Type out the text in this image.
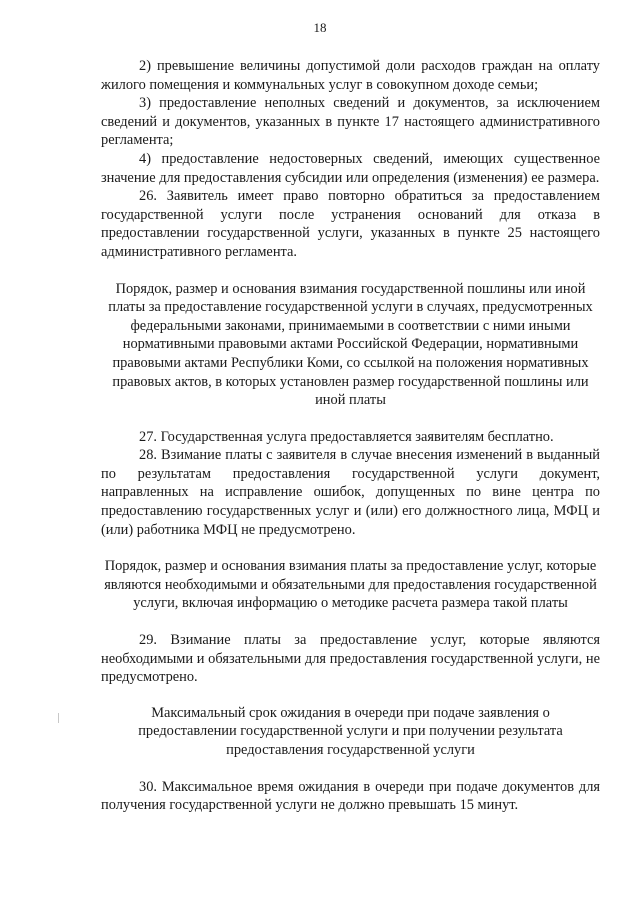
18

2) превышение величины допустимой доли расходов граждан на оплату жилого помещения и коммунальных услуг в совокупном доходе семьи;

3) предоставление неполных сведений и документов, за исключением сведений и документов, указанных в пункте 17 настоящего административного регламента;

4) предоставление недостоверных сведений, имеющих существенное значение для предоставления субсидии или определения (изменения) ее размера.

26. Заявитель имеет право повторно обратиться за предоставлением государственной услуги после устранения оснований для отказа в предоставлении государственной услуги, указанных в пункте 25 настоящего административного регламента.

Порядок, размер и основания взимания государственной пошлины или иной платы за предоставление государственной услуги в случаях, предусмотренных федеральными законами, принимаемыми в соответствии с ними иными нормативными правовыми актами Российской Федерации, нормативными правовыми актами Республики Коми, со ссылкой на положения нормативных правовых актов, в которых установлен размер государственной пошлины или иной платы

27. Государственная услуга предоставляется заявителям бесплатно.

28. Взимание платы с заявителя в случае внесения изменений в выданный по результатам предоставления государственной услуги документ, направленных на исправление ошибок, допущенных по вине центра по предоставлению государственных услуг и (или) его должностного лица, МФЦ и (или) работника МФЦ не предусмотрено.

Порядок, размер и основания взимания платы за предоставление услуг, которые являются необходимыми и обязательными для предоставления государственной услуги, включая информацию о методике расчета размера такой платы

29. Взимание платы за предоставление услуг, которые являются необходимыми и обязательными для предоставления государственной услуги, не предусмотрено.

Максимальный срок ожидания в очереди при подаче заявления о предоставлении государственной услуги и при получении результата предоставления государственной услуги

30. Максимальное время ожидания в очереди при подаче документов для получения государственной услуги не должно превышать 15 минут.
